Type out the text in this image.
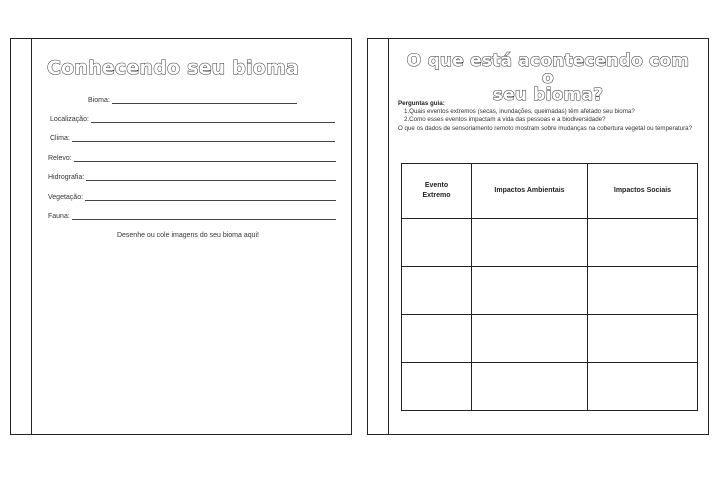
Conhecendo seu bioma
Bioma:
Localização:
Clima:
Relevo:
Hidrografia:
Vegetação:
Fauna:
Desenhe ou cole imagens do seu bioma aqui!
O que está acontecendo com o
seu bioma?
Perguntas guia:
1.Quais eventos extremos (secas, inundações, queimadas) têm afetado seu bioma?
2.Como esses eventos impactam a vida das pessoas e a biodiversidade?
O que os dados de sensoriamento remoto mostram sobre mudanças na cobertura vegetal ou temperatura?
Evento Extremo	Impactos Ambientais	Impactos Sociais
